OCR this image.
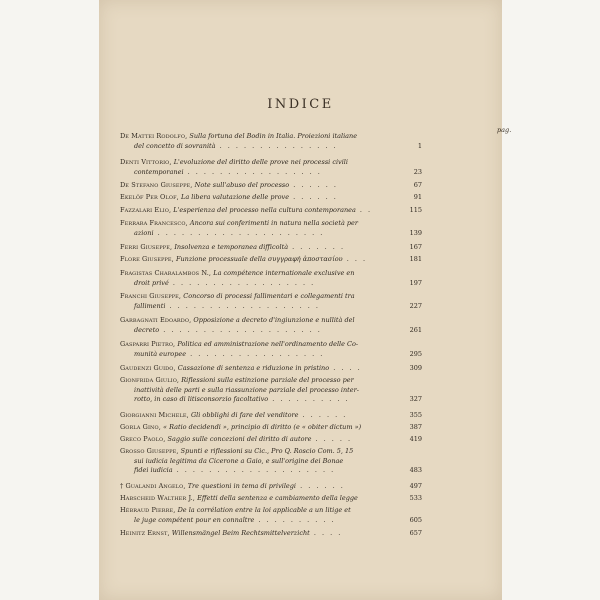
INDICE
pag.
De Mattei Rodolfo, Sulla fortuna del Bodin in Italia. Proiezioni italiane
del concetto di sovranità . . . . . . . . . . . . . . .	1
Denti Vittorio, L'evoluzione del diritto delle prove nei processi civili
contemporanei . . . . . . . . . . . . . . . . .	23
De Stefano Giuseppe, Note sull'abuso del processo . . . . . .	67
Ekelöf Per Olof, La libera valutazione delle prove . . . . . .	91
Fazzalari Elio, L'esperienza del processo nella cultura contemporanea . .	115
Ferrara Francesco, Ancora sui conferimenti in natura nella società per
azioni . . . . . . . . . . . . . . . . . . . . .	139
Ferri Giuseppe, Insolvenza e temporanea difficoltà . . . . . . .	167
Flore Giuseppe, Funzione processuale della συγγραφή ἀποστασίου . . .	181
Fragistas Charalambos N., La compétence internationale exclusive en
droit privé . . . . . . . . . . . . . . . . . .	197
Franchi Giuseppe, Concorso di processi fallimentari e collegamenti tra
fallimenti . . . . . . . . . . . . . . . . . . .	227
Garbagnati Edoardo, Opposizione a decreto d'ingiunzione e nullità del
decreto . . . . . . . . . . . . . . . . . . . .	261
Gasparri Pietro, Politica ed amministrazione nell'ordinamento delle Co-
munità europee . . . . . . . . . . . . . . . . .	295
Gaudenzi Guido, Cassazione di sentenza e riduzione in pristino . . . .	309
Gionfrida Giulio, Riflessioni sulla estinzione parziale del processo per
inattività delle parti e sulla riassunzione parziale del processo inter-
rotto, in caso di litisconsorzio facoltativo . . . . . . . . . .	327
Giorgianni Michele, Gli obblighi di fare del venditore . . . . . .	355
Gorla Gino, « Ratio decidendi », principio di diritto (e « obiter dictum »)	387
Greco Paolo, Saggio sulle concezioni del diritto di autore . . . . .	419
Grosso Giuseppe, Spunti e riflessioni su Cic., Pro Q. Roscio Com. 5, 15
sui iudicia legitima da Cicerone a Gaio, e sull'origine dei Bonae
fidei iudicia . . . . . . . . . . . . . . . . . . . .	483
† Gualandi Angelo, Tre questioni in tema di privilegi . . . . . .	497
Habscheid Walther J., Effetti della sentenza e cambiamento della legge	533
Hébraud Pierre, De la corrélation entre la loi applicable a un litige et
le juge compétent pour en connaître . . . . . . . . . .	605
Heinitz Ernst, Willensmängel Beim Rechtsmittelverzicht . . . .	657
